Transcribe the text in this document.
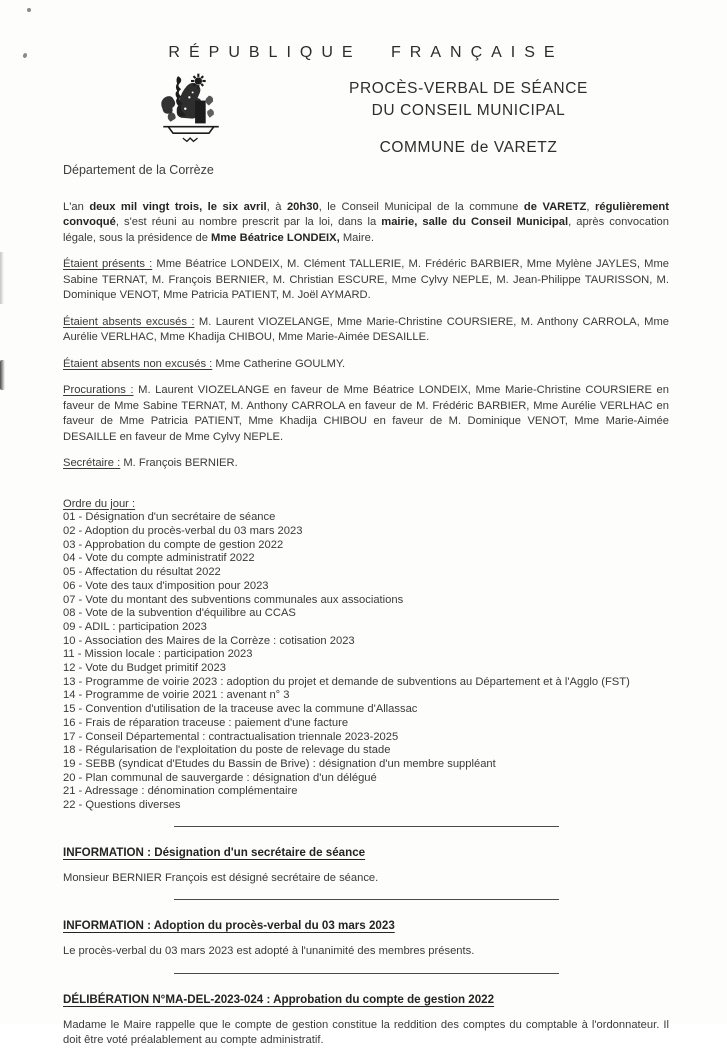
RÉPUBLIQUE FRANÇAISE
Département de la Corrèze
PROCÈS-VERBAL DE SÉANCE
DU CONSEIL MUNICIPAL
COMMUNE de VARETZ

L'an deux mil vingt trois, le six avril, à 20h30, le Conseil Municipal de la commune de VARETZ, régulièrement convoqué, s'est réuni au nombre prescrit par la loi, dans la mairie, salle du Conseil Municipal, après convocation légale, sous la présidence de Mme Béatrice LONDEIX, Maire.

Étaient présents : Mme Béatrice LONDEIX, M. Clément TALLERIE, M. Frédéric BARBIER, Mme Mylène JAYLES, Mme Sabine TERNAT, M. François BERNIER, M. Christian ESCURE, Mme Cylvy NEPLE, M. Jean-Philippe TAURISSON, M. Dominique VENOT, Mme Patricia PATIENT, M. Joël AYMARD.

Étaient absents excusés : M. Laurent VIOZELANGE, Mme Marie-Christine COURSIERE, M. Anthony CARROLA, Mme Aurélie VERLHAC, Mme Khadija CHIBOU, Mme Marie-Aimée DESAILLE.

Étaient absents non excusés : Mme Catherine GOULMY.

Procurations : M. Laurent VIOZELANGE en faveur de Mme Béatrice LONDEIX, Mme Marie-Christine COURSIERE en faveur de Mme Sabine TERNAT, M. Anthony CARROLA en faveur de M. Frédéric BARBIER, Mme Aurélie VERLHAC en faveur de Mme Patricia PATIENT, Mme Khadija CHIBOU en faveur de M. Dominique VENOT, Mme Marie-Aimée DESAILLE en faveur de Mme Cylvy NEPLE.

Secrétaire : M. François BERNIER.

Ordre du jour :
01 - Désignation d'un secrétaire de séance
02 - Adoption du procès-verbal du 03 mars 2023
03 - Approbation du compte de gestion 2022
04 - Vote du compte administratif 2022
05 - Affectation du résultat 2022
06 - Vote des taux d'imposition pour 2023
07 - Vote du montant des subventions communales aux associations
08 - Vote de la subvention d'équilibre au CCAS
09 - ADIL : participation 2023
10 - Association des Maires de la Corrèze : cotisation 2023
11 - Mission locale : participation 2023
12 - Vote du Budget primitif 2023
13 - Programme de voirie 2023 : adoption du projet et demande de subventions au Département et à l'Agglo (FST)
14 - Programme de voirie 2021 : avenant n° 3
15 - Convention d'utilisation de la traceuse avec la commune d'Allassac
16 - Frais de réparation traceuse : paiement d'une facture
17 - Conseil Départemental : contractualisation triennale 2023-2025
18 - Régularisation de l'exploitation du poste de relevage du stade
19 - SEBB (syndicat d'Etudes du Bassin de Brive) : désignation d'un membre suppléant
20 - Plan communal de sauvergarde : désignation d'un délégué
21 - Adressage : dénomination complémentaire
22 - Questions diverses
INFORMATION : Désignation d'un secrétaire de séance

Monsieur BERNIER François est désigné secrétaire de séance.

INFORMATION : Adoption du procès-verbal du 03 mars 2023

Le procès-verbal du 03 mars 2023 est adopté à l'unanimité des membres présents.

DÉLIBÉRATION N°MA-DEL-2023-024 : Approbation du compte de gestion 2022

Madame le Maire rappelle que le compte de gestion constitue la reddition des comptes du comptable à l'ordonnateur. Il doit être voté préalablement au compte administratif.
